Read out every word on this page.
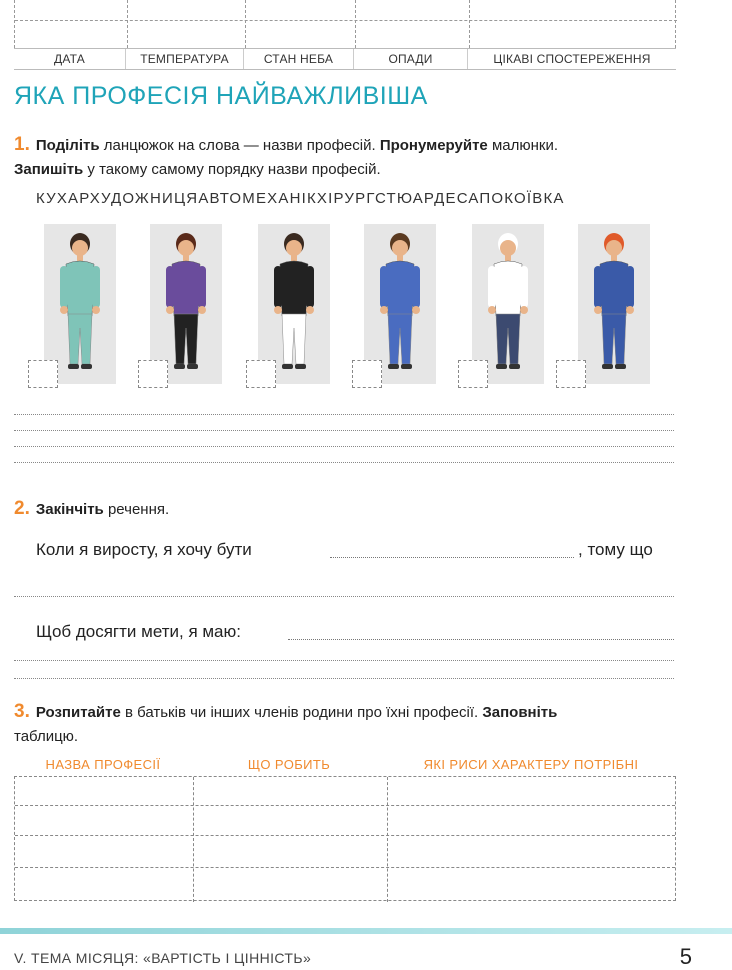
ДАТА	ТЕМПЕРАТУРА	СТАН НЕБА	ОПАДИ	ЦІКАВІ СПОСТЕРЕЖЕННЯ
ЯКА ПРОФЕСІЯ НАЙВАЖЛИВІША
1. Поділіть ланцюжок на слова — назви професій. Пронумеруйте малюнки.
Запишіть у такому самому порядку назви професій.
КУХАРХУДОЖНИЦЯАВТОМЕХАНІКХІРУРГСТЮАРДЕСАПОКОЇВКА
2. Закінчіть речення.
Коли я виросту, я хочу бути	, тому що
Щоб досягти мети, я маю:
3. Розпитайте в батьків чи інших членів родини про їхні професії. Заповніть
таблицю.
НАЗВА ПРОФЕСІЇ	ЩО РОБИТЬ	ЯКІ РИСИ ХАРАКТЕРУ ПОТРІБНІ
V. ТЕМА МІСЯЦЯ: «ВАРТІСТЬ І ЦІННІСТЬ»	5
